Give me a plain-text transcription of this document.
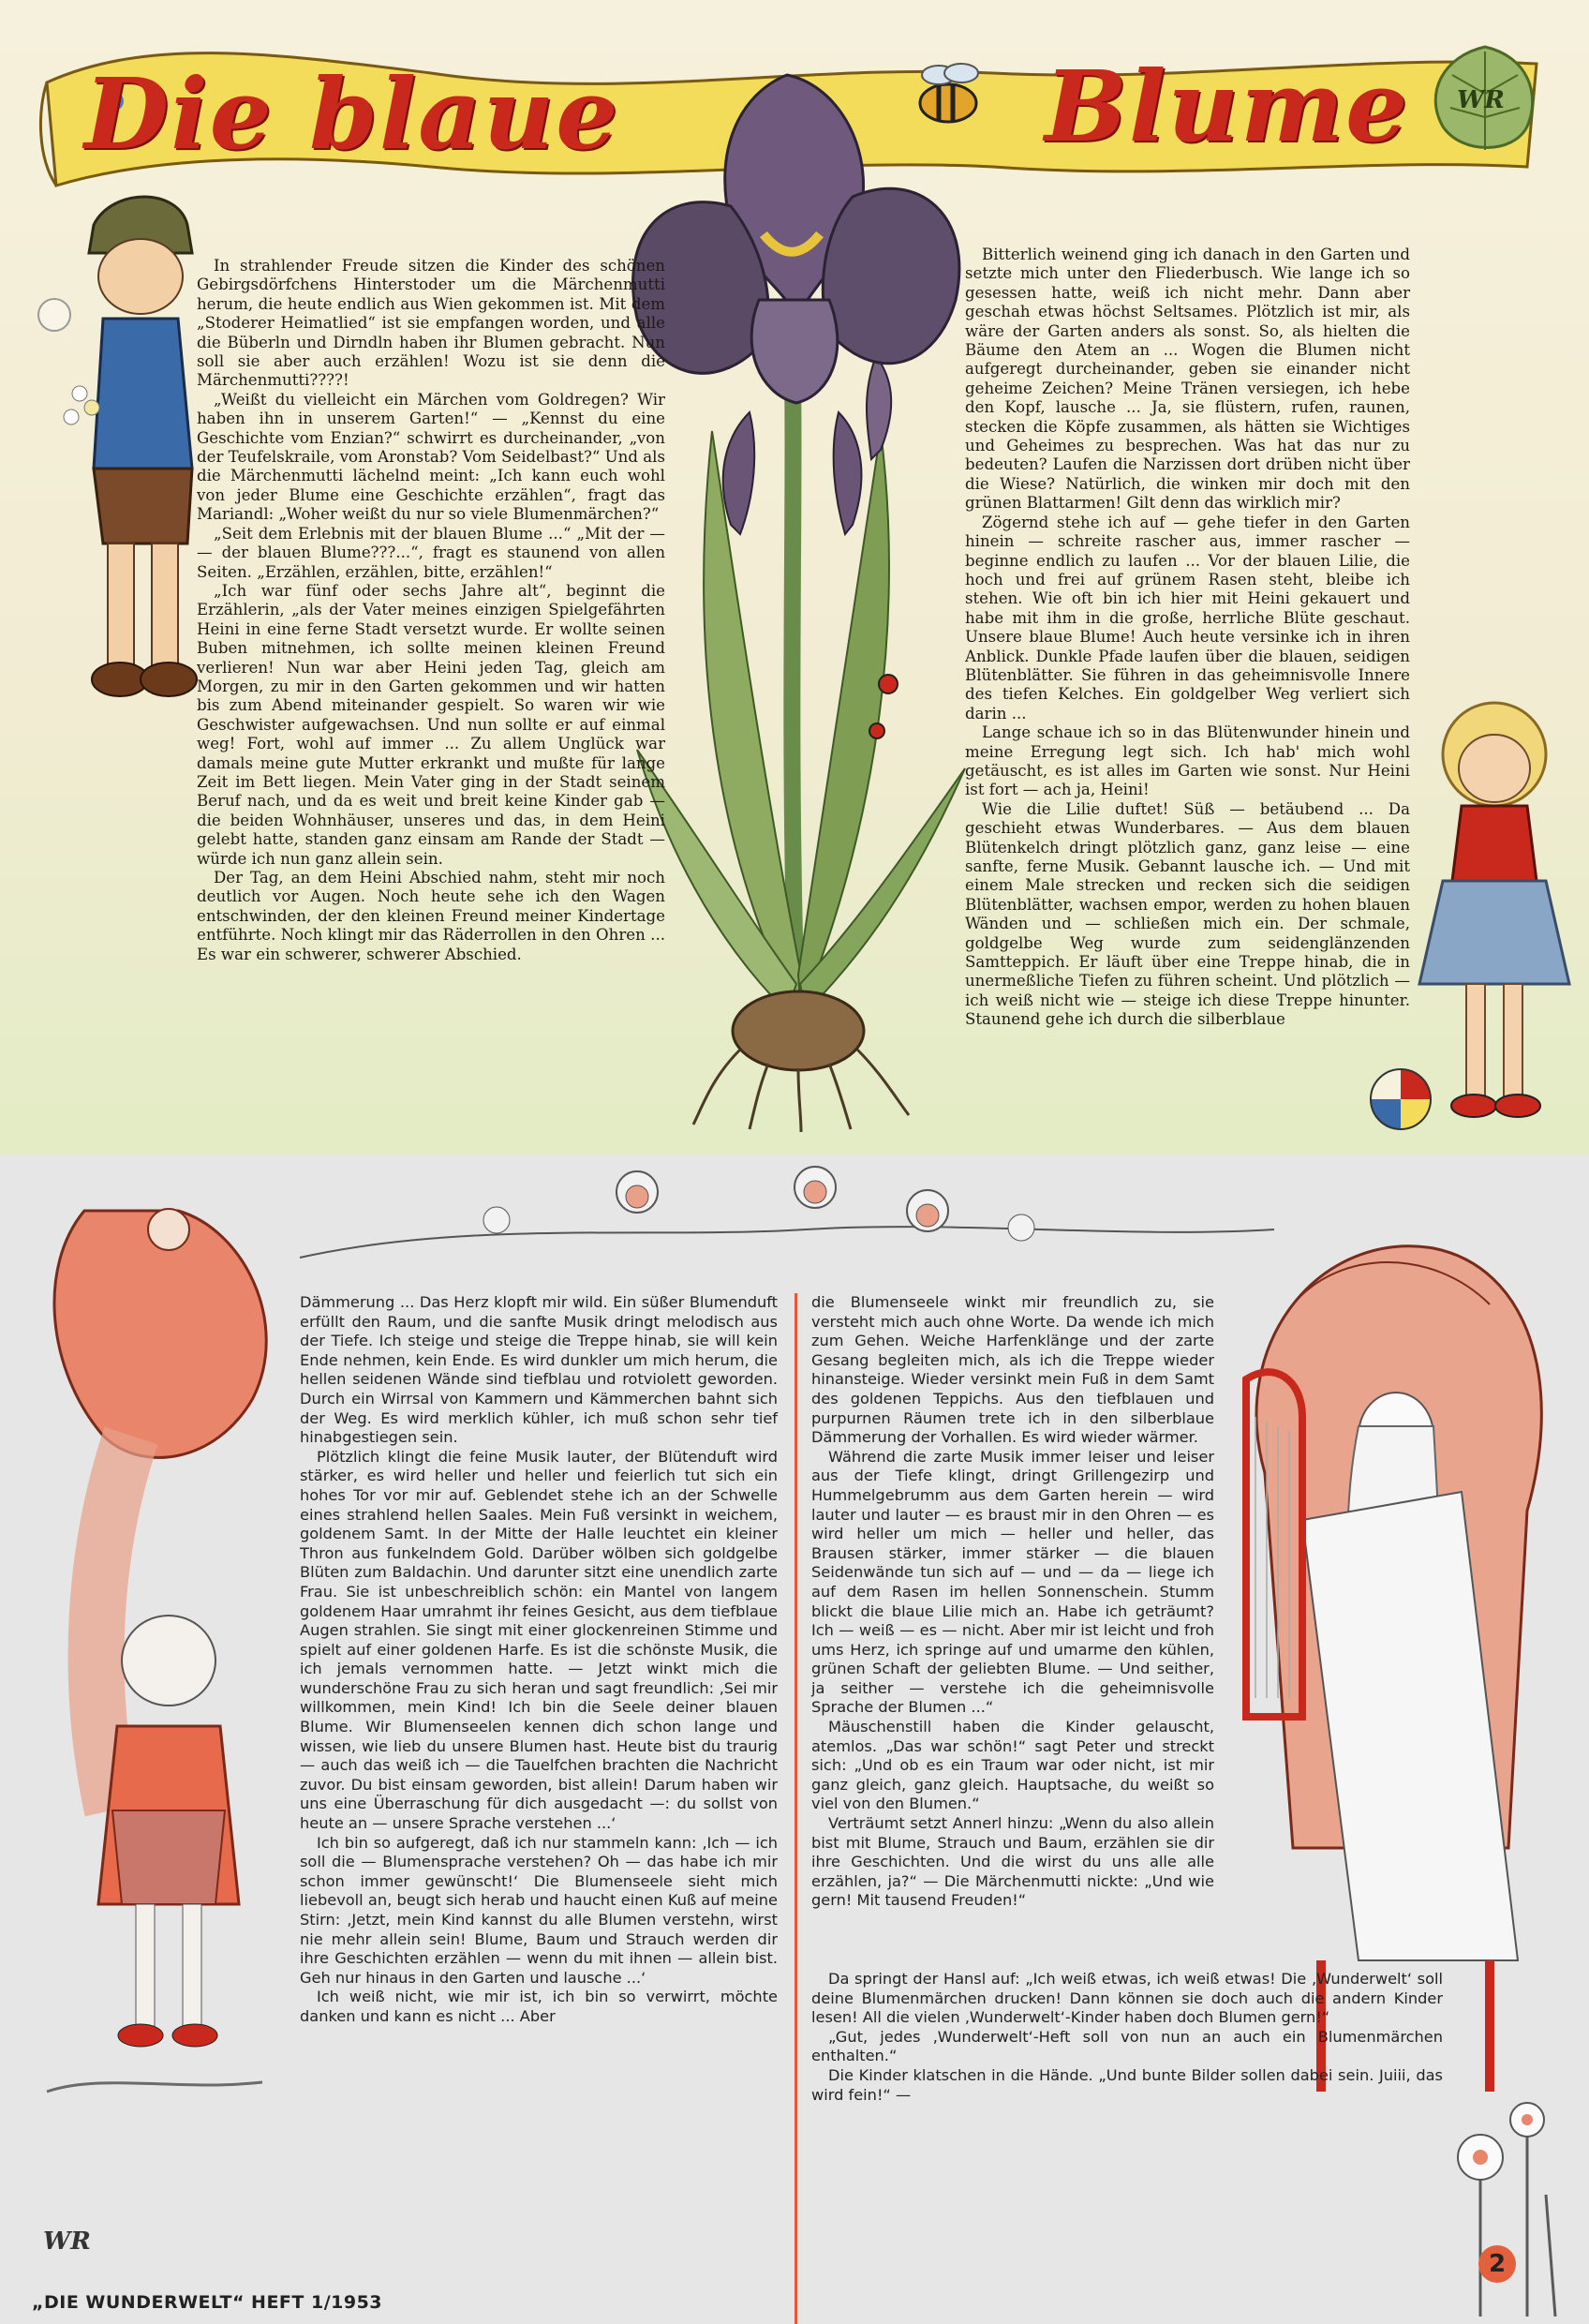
Die blaue	Blume WR

In strahlender Freude sitzen die Kinder des schönen Gebirgsdörfchens Hinterstoder um die Märchenmutti herum, die heute endlich aus Wien gekommen ist. Mit dem „Stoderer Heimatlied“ ist sie empfangen worden, und alle die Büberln und Dirndln haben ihr Blumen gebracht. Nun soll sie aber auch erzählen! Wozu ist sie denn die Märchenmutti????!

„Weißt du vielleicht ein Märchen vom Goldregen? Wir haben ihn in unserem Garten!“ — „Kennst du eine Geschichte vom Enzian?“ schwirrt es durcheinander, „von der Teufelskraile, vom Aronstab? Vom Seidelbast?“ Und als die Märchenmutti lächelnd meint: „Ich kann euch wohl von jeder Blume eine Geschichte erzählen“, fragt das Mariandl: „Woher weißt du nur so viele Blumenmärchen?“

„Seit dem Erlebnis mit der blauen Blume ...“ „Mit der — — der blauen Blume???...“, fragt es staunend von allen Seiten. „Erzählen, erzählen, bitte, erzählen!“

„Ich war fünf oder sechs Jahre alt“, beginnt die Erzählerin, „als der Vater meines einzigen Spielgefährten Heini in eine ferne Stadt versetzt wurde. Er wollte seinen Buben mitnehmen, ich sollte meinen kleinen Freund verlieren! Nun war aber Heini jeden Tag, gleich am Morgen, zu mir in den Garten gekommen und wir hatten bis zum Abend miteinander gespielt. So waren wir wie Geschwister aufgewachsen. Und nun sollte er auf einmal weg! Fort, wohl auf immer ... Zu allem Unglück war damals meine gute Mutter erkrankt und mußte für lange Zeit im Bett liegen. Mein Vater ging in der Stadt seinem Beruf nach, und da es weit und breit keine Kinder gab — die beiden Wohnhäuser, unseres und das, in dem Heini gelebt hatte, standen ganz einsam am Rande der Stadt — würde ich nun ganz allein sein.

Der Tag, an dem Heini Abschied nahm, steht mir noch deutlich vor Augen. Noch heute sehe ich den Wagen entschwinden, der den kleinen Freund meiner Kindertage entführte. Noch klingt mir das Räderrollen in den Ohren ... Es war ein schwerer, schwerer Abschied.

Bitterlich weinend ging ich danach in den Garten und setzte mich unter den Fliederbusch. Wie lange ich so gesessen hatte, weiß ich nicht mehr. Dann aber geschah etwas höchst Seltsames. Plötzlich ist mir, als wäre der Garten anders als sonst. So, als hielten die Bäume den Atem an ... Wogen die Blumen nicht aufgeregt durcheinander, geben sie einander nicht geheime Zeichen? Meine Tränen versiegen, ich hebe den Kopf, lausche ... Ja, sie flüstern, rufen, raunen, stecken die Köpfe zusammen, als hätten sie Wichtiges und Geheimes zu besprechen. Was hat das nur zu bedeuten? Laufen die Narzissen dort drüben nicht über die Wiese? Natürlich, die winken mir doch mit den grünen Blattarmen! Gilt denn das wirklich mir?

Zögernd stehe ich auf — gehe tiefer in den Garten hinein — schreite rascher aus, immer rascher — beginne endlich zu laufen ... Vor der blauen Lilie, die hoch und frei auf grünem Rasen steht, bleibe ich stehen. Wie oft bin ich hier mit Heini gekauert und habe mit ihm in die große, herrliche Blüte geschaut. Unsere blaue Blume! Auch heute versinke ich in ihren Anblick. Dunkle Pfade laufen über die blauen, seidigen Blütenblätter. Sie führen in das geheimnisvolle Innere des tiefen Kelches. Ein goldgelber Weg verliert sich darin ...

Lange schaue ich so in das Blütenwunder hinein und meine Erregung legt sich. Ich hab' mich wohl getäuscht, es ist alles im Garten wie sonst. Nur Heini ist fort — ach ja, Heini!

Wie die Lilie duftet! Süß — betäubend ... Da geschieht etwas Wunderbares. — Aus dem blauen Blütenkelch dringt plötzlich ganz, ganz leise — eine sanfte, ferne Musik. Gebannt lausche ich. — Und mit einem Male strecken und recken sich die seidigen Blütenblätter, wachsen empor, werden zu hohen blauen Wänden und — schließen mich ein. Der schmale, goldgelbe Weg wurde zum seidenglänzenden Samtteppich. Er läuft über eine Treppe hinab, die in unermeßliche Tiefen zu führen scheint. Und plötzlich — ich weiß nicht wie — steige ich diese Treppe hinunter. Staunend gehe ich durch die silberblaue

WR

Dämmerung ... Das Herz klopft mir wild. Ein süßer Blumenduft erfüllt den Raum, und die sanfte Musik dringt melodisch aus der Tiefe. Ich steige und steige die Treppe hinab, sie will kein Ende nehmen, kein Ende. Es wird dunkler um mich herum, die hellen seidenen Wände sind tiefblau und rotviolett geworden. Durch ein Wirrsal von Kammern und Kämmerchen bahnt sich der Weg. Es wird merklich kühler, ich muß schon sehr tief hinabgestiegen sein.

Plötzlich klingt die feine Musik lauter, der Blütenduft wird stärker, es wird heller und heller und feierlich tut sich ein hohes Tor vor mir auf. Geblendet stehe ich an der Schwelle eines strahlend hellen Saales. Mein Fuß versinkt in weichem, goldenem Samt. In der Mitte der Halle leuchtet ein kleiner Thron aus funkelndem Gold. Darüber wölben sich goldgelbe Blüten zum Baldachin. Und darunter sitzt eine unendlich zarte Frau. Sie ist unbeschreiblich schön: ein Mantel von langem goldenem Haar umrahmt ihr feines Gesicht, aus dem tiefblaue Augen strahlen. Sie singt mit einer glockenreinen Stimme und spielt auf einer goldenen Harfe. Es ist die schönste Musik, die ich jemals vernommen hatte. — Jetzt winkt mich die wunderschöne Frau zu sich heran und sagt freundlich: ‚Sei mir willkommen, mein Kind! Ich bin die Seele deiner blauen Blume. Wir Blumenseelen kennen dich schon lange und wissen, wie lieb du unsere Blumen hast. Heute bist du traurig — auch das weiß ich — die Tauelfchen brachten die Nachricht zuvor. Du bist einsam geworden, bist allein! Darum haben wir uns eine Überraschung für dich ausgedacht —: du sollst von heute an — unsere Sprache verstehen ...‘

Ich bin so aufgeregt, daß ich nur stammeln kann: ‚Ich — ich soll die — Blumensprache verstehen? Oh — das habe ich mir schon immer gewünscht!‘ Die Blumenseele sieht mich liebevoll an, beugt sich herab und haucht einen Kuß auf meine Stirn: ‚Jetzt, mein Kind kannst du alle Blumen verstehn, wirst nie mehr allein sein! Blume, Baum und Strauch werden dir ihre Geschichten erzählen — wenn du mit ihnen — allein bist. Geh nur hinaus in den Garten und lausche ...‘

Ich weiß nicht, wie mir ist, ich bin so verwirrt, möchte danken und kann es nicht ... Aber

die Blumenseele winkt mir freundlich zu, sie versteht mich auch ohne Worte. Da wende ich mich zum Gehen. Weiche Harfenklänge und der zarte Gesang begleiten mich, als ich die Treppe wieder hinansteige. Wieder versinkt mein Fuß in dem Samt des goldenen Teppichs. Aus den tiefblauen und purpurnen Räumen trete ich in den silberblaue Dämmerung der Vorhallen. Es wird wieder wärmer.

Während die zarte Musik immer leiser und leiser aus der Tiefe klingt, dringt Grillengezirp und Hummelgebrumm aus dem Garten herein — wird lauter und lauter — es braust mir in den Ohren — es wird heller um mich — heller und heller, das Brausen stärker, immer stärker — die blauen Seidenwände tun sich auf — und — da — liege ich auf dem Rasen im hellen Sonnenschein. Stumm blickt die blaue Lilie mich an. Habe ich geträumt? Ich — weiß — es — nicht. Aber mir ist leicht und froh ums Herz, ich springe auf und umarme den kühlen, grünen Schaft der geliebten Blume. — Und seither, ja seither — verstehe ich die geheimnisvolle Sprache der Blumen ...“

Mäuschenstill haben die Kinder gelauscht, atemlos. „Das war schön!“ sagt Peter und streckt sich: „Und ob es ein Traum war oder nicht, ist mir ganz gleich, ganz gleich. Hauptsache, du weißt so viel von den Blumen.“

Verträumt setzt Annerl hinzu: „Wenn du also allein bist mit Blume, Strauch und Baum, erzählen sie dir ihre Geschichten. Und die wirst du uns alle alle erzählen, ja?“ — Die Märchenmutti nickte: „Und wie gern! Mit tausend Freuden!“

Da springt der Hansl auf: „Ich weiß etwas, ich weiß etwas! Die ‚Wunderwelt‘ soll deine Blumenmärchen drucken! Dann können sie doch auch die andern Kinder lesen! All die vielen ‚Wunderwelt‘-Kinder haben doch Blumen gern!“

„Gut, jedes ‚Wunderwelt‘-Heft soll von nun an auch ein Blumenmärchen enthalten.“

Die Kinder klatschen in die Hände. „Und bunte Bilder sollen dabei sein. Juiii, das wird fein!“ —

„DIE WUNDERWELT“ HEFT 1/1953
2
